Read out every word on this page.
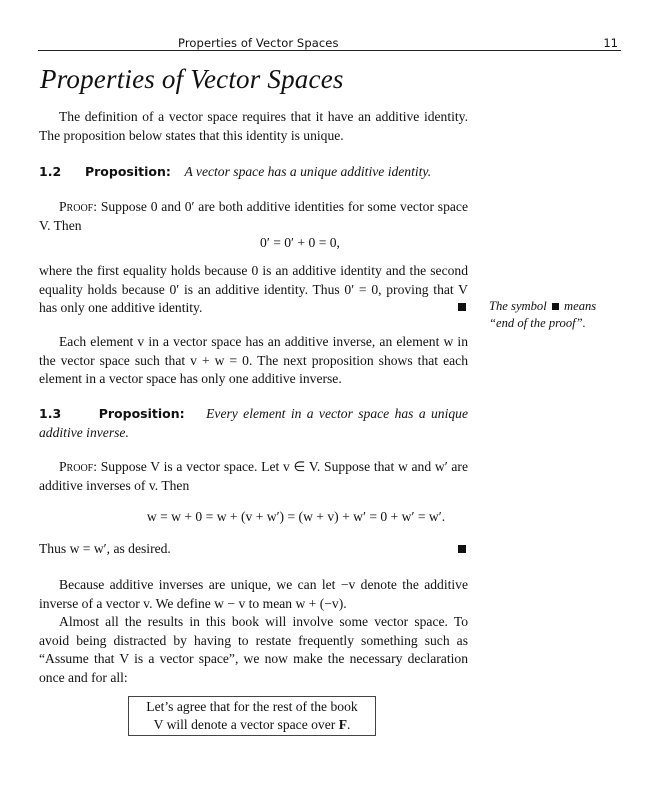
Properties of Vector Spaces	11
Properties of Vector Spaces
The definition of a vector space requires that it have an additive identity. The proposition below states that this identity is unique.
1.2 Proposition: A vector space has a unique additive identity.
Proof: Suppose 0 and 0′ are both additive identities for some vector space V. Then
0′ = 0′ + 0 = 0,
where the first equality holds because 0 is an additive identity and the second equality holds because 0′ is an additive identity. Thus 0′ = 0, proving that V has only one additive identity.	The symbol means
“end of the proof”.
Each element v in a vector space has an additive inverse, an element w in the vector space such that v + w = 0. The next proposition shows that each element in a vector space has only one additive inverse.
1.3	Proposition: Every element in a vector space has a unique additive inverse.
Proof: Suppose V is a vector space. Let v ∈ V. Suppose that w and w′ are additive inverses of v. Then
w = w + 0 = w + (v + w′) = (w + v) + w′ = 0 + w′ = w′.
Thus w = w′, as desired.
Because additive inverses are unique, we can let −v denote the additive inverse of a vector v. We define w − v to mean w + (−v).
Almost all the results in this book will involve some vector space. To avoid being distracted by having to restate frequently something such as “Assume that V is a vector space”, we now make the necessary declaration once and for all:
Let’s agree that for the rest of the book
V will denote a vector space over F.
